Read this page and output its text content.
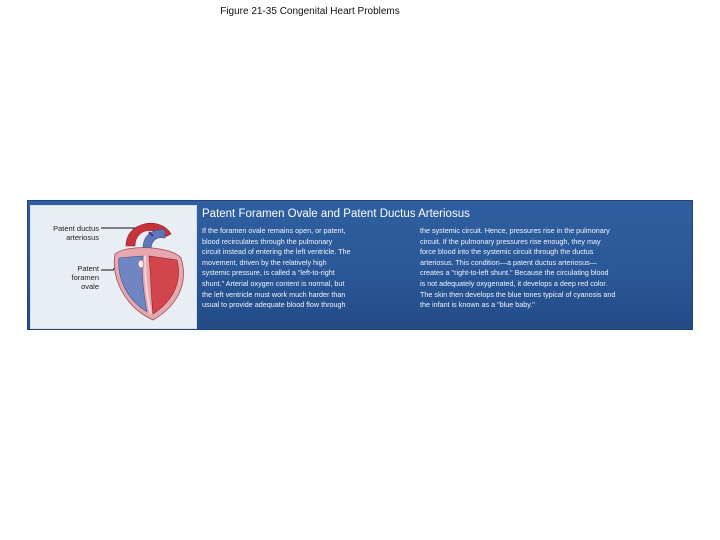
Figure 21-35 Congenital Heart Problems
Patent ductus
arteriosus
Patent
foramen
ovale
Patent Foramen Ovale and Patent Ductus Arteriosus
If the foramen ovale remains open, or patent,
blood recirculates through the pulmonary
circuit instead of entering the left ventricle. The
movement, driven by the relatively high
systemic pressure, is called a "left-to-right
shunt." Arterial oxygen content is normal, but
the left ventricle must work much harder than
usual to provide adequate blood flow through
the systemic circuit. Hence, pressures rise in the pulmonary
circuit. If the pulmonary pressures rise enough, they may
force blood into the systemic circuit through the ductus
arteriosus. This condition—a patent ductus arteriosus—
creates a "right-to-left shunt." Because the circulating blood
is not adequately oxygenated, it develops a deep red color.
The skin then develops the blue tones typical of cyanosis and
the infant is known as a "blue baby."
